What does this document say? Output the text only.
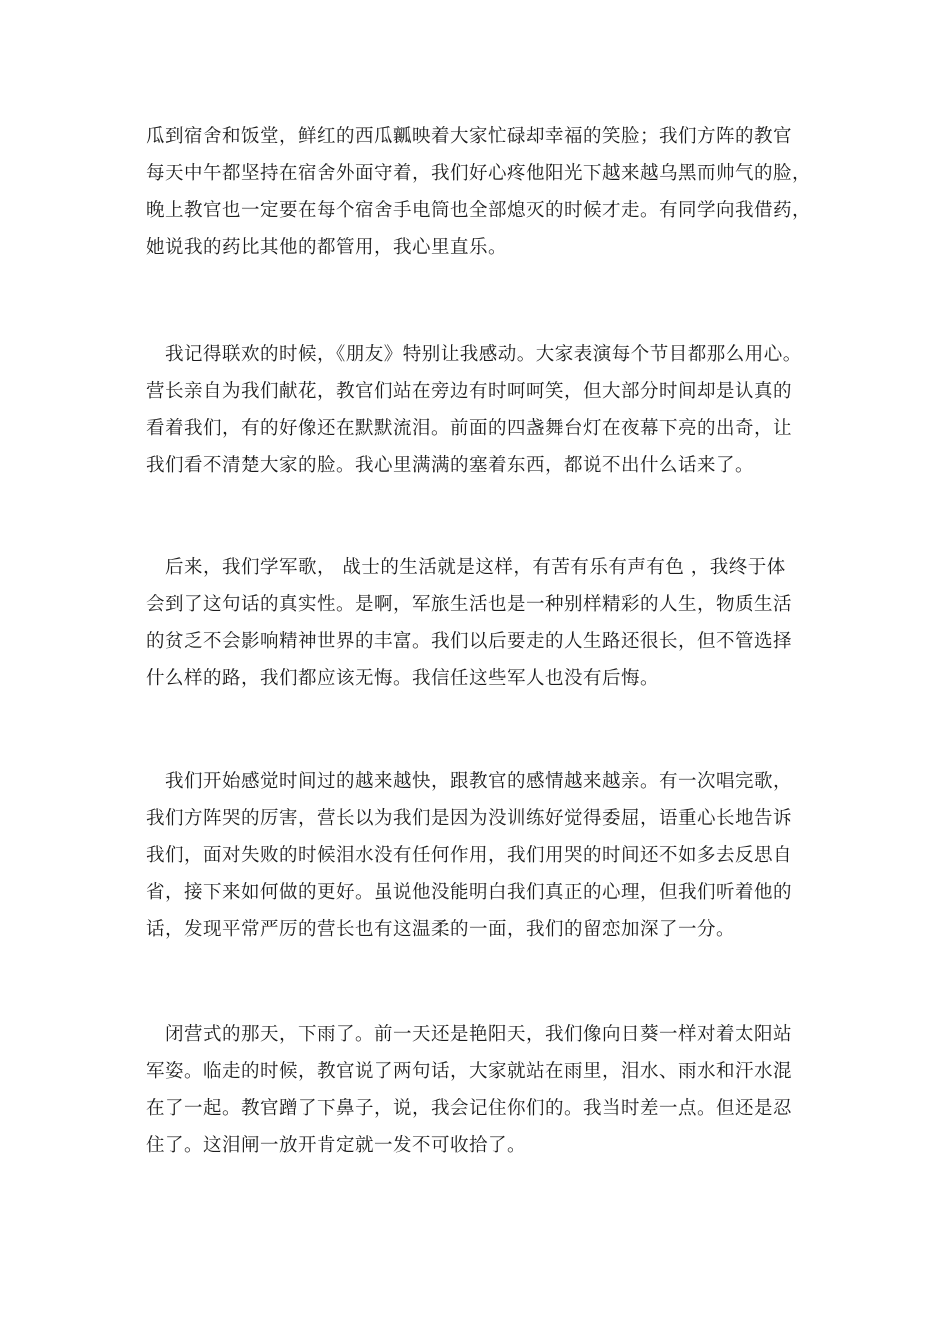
瓜到宿舍和饭堂，鲜红的西瓜瓤映着大家忙碌却幸福的笑脸；我们方阵的教官
每天中午都坚持在宿舍外面守着，我们好心疼他阳光下越来越乌黑而帅气的脸，
晚上教官也一定要在每个宿舍手电筒也全部熄灭的时候才走。有同学向我借药，
她说我的药比其他的都管用，我心里直乐。
　我记得联欢的时候，《朋友》特别让我感动。大家表演每个节目都那么用心。
营长亲自为我们献花，教官们站在旁边有时呵呵笑，但大部分时间却是认真的
看着我们，有的好像还在默默流泪。前面的四盏舞台灯在夜幕下亮的出奇，让
我们看不清楚大家的脸。我心里满满的塞着东西，都说不出什么话来了。
　后来，我们学军歌， 战士的生活就是这样，有苦有乐有声有色 ，我终于体
会到了这句话的真实性。是啊，军旅生活也是一种别样精彩的人生，物质生活
的贫乏不会影响精神世界的丰富。我们以后要走的人生路还很长，但不管选择
什么样的路，我们都应该无悔。我信任这些军人也没有后悔。
　我们开始感觉时间过的越来越快，跟教官的感情越来越亲。有一次唱完歌，
我们方阵哭的厉害，营长以为我们是因为没训练好觉得委屈，语重心长地告诉
我们，面对失败的时候泪水没有任何作用，我们用哭的时间还不如多去反思自
省，接下来如何做的更好。虽说他没能明白我们真正的心理，但我们听着他的
话，发现平常严厉的营长也有这温柔的一面，我们的留恋加深了一分。
　闭营式的那天，下雨了。前一天还是艳阳天，我们像向日葵一样对着太阳站
军姿。临走的时候，教官说了两句话，大家就站在雨里，泪水、雨水和汗水混
在了一起。教官蹭了下鼻子，说，我会记住你们的。我当时差一点。但还是忍
住了。这泪闸一放开肯定就一发不可收拾了。
